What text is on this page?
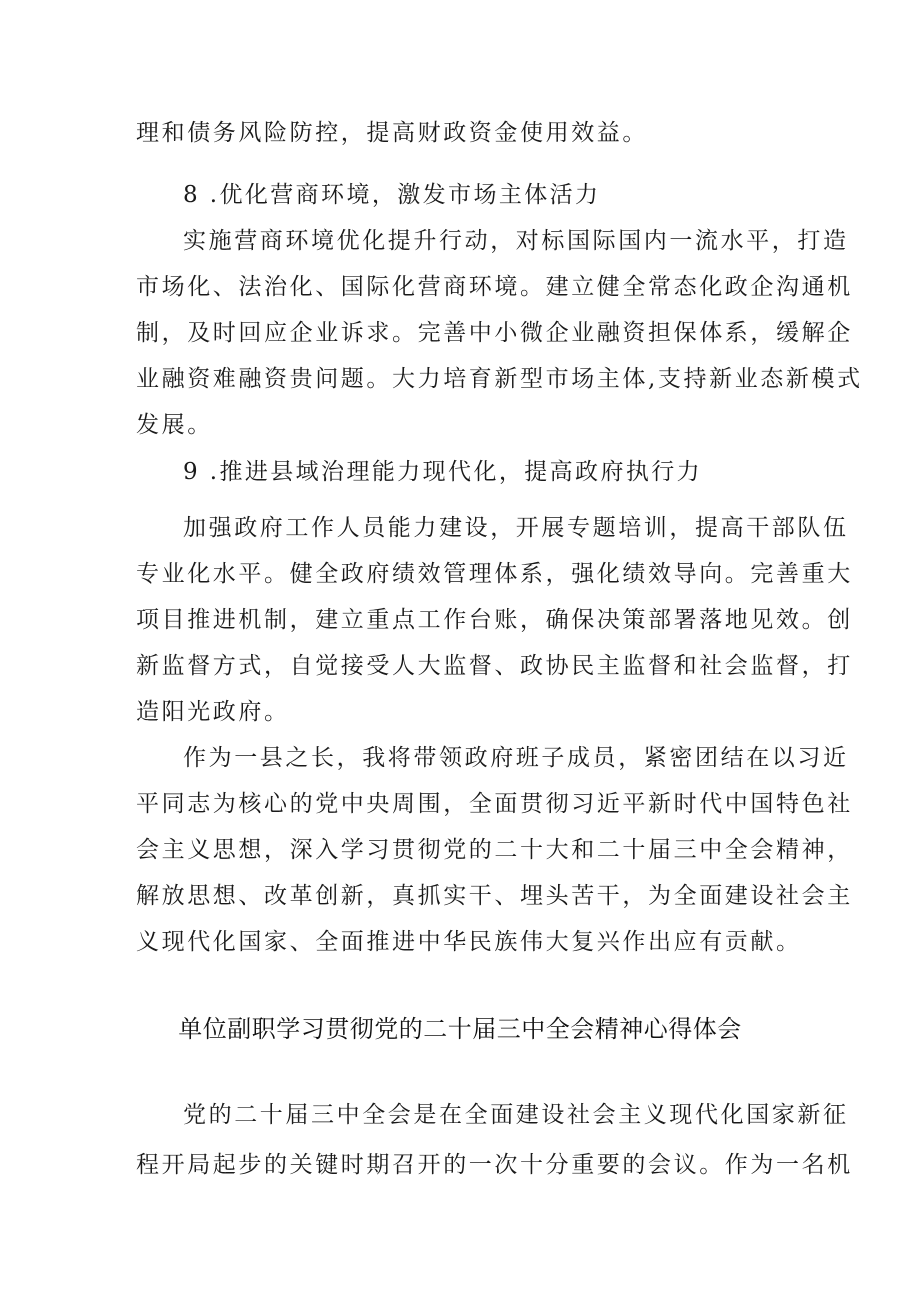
理和债务风险防控，提高财政资金使用效益。
8 .优化营商环境，激发市场主体活力
实施营商环境优化提升行动，对标国际国内一流水平，打造
市场化、法治化、国际化营商环境。建立健全常态化政企沟通机
制，及时回应企业诉求。完善中小微企业融资担保体系，缓解企
业融资难融资贵问题。大力培育新型市场主体,支持新业态新模式
发展。
9 .推进县域治理能力现代化，提高政府执行力
加强政府工作人员能力建设，开展专题培训，提高干部队伍
专业化水平。健全政府绩效管理体系，强化绩效导向。完善重大
项目推进机制，建立重点工作台账，确保决策部署落地见效。创
新监督方式，自觉接受人大监督、政协民主监督和社会监督，打
造阳光政府。
作为一县之长，我将带领政府班子成员，紧密团结在以习近
平同志为核心的党中央周围，全面贯彻习近平新时代中国特色社
会主义思想，深入学习贯彻党的二十大和二十届三中全会精神，
解放思想、改革创新，真抓实干、埋头苦干，为全面建设社会主
义现代化国家、全面推进中华民族伟大复兴作出应有贡献。
单位副职学习贯彻党的二十届三中全会精神心得体会
党的二十届三中全会是在全面建设社会主义现代化国家新征
程开局起步的关键时期召开的一次十分重要的会议。作为一名机
